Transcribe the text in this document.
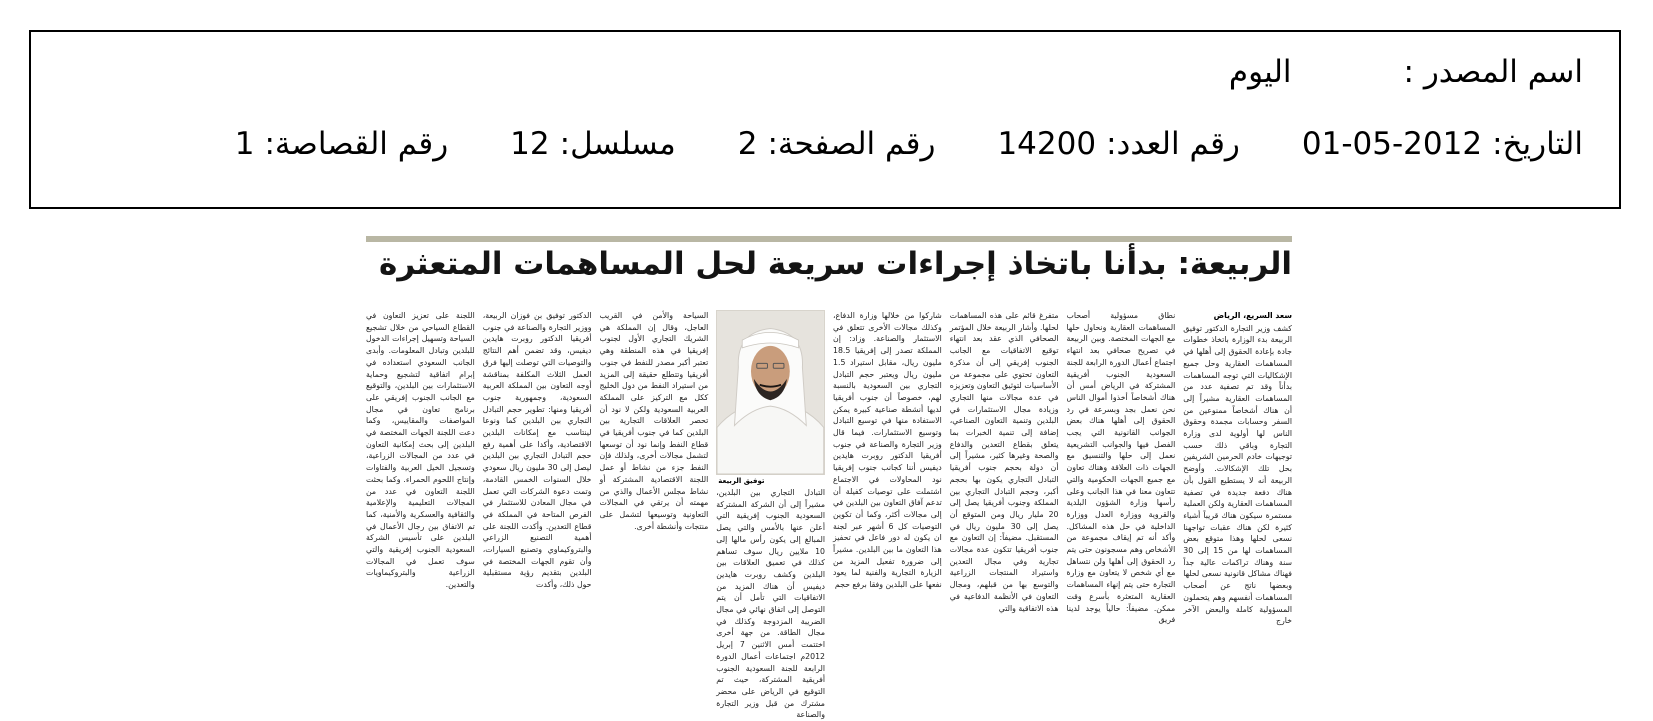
اسم المصدر :
اليوم
التاريخ:2012-05-01
رقم العدد:14200
رقم الصفحة:2
مسلسل:12
رقم القصاصة:1
الربيعة: بدأنا باتخاذ إجراءات سريعة لحل المساهمات المتعثرة
سعد السريع، الرياض
كشف وزير التجارة الدكتور توفيق الربيعة بدء الوزارة باتخاذ خطوات جادة بإعادة الحقوق إلى أهلها في المساهمات العقارية وحل جميع الإشكاليات التي توجه المساهمات بدأناً وقد تم تصفية عدد من المساهمات العقارية مشيراً إلى أن هناك أشخاصاً ممنوعين من السفر وحسابات مجمدة وحقوق الناس لها أولوية لدى وزارة التجارة وباقي ذلك حسب توجيهات خادم الحرمين الشريفين بحل تلك الإشكالات. وأوضح الربيعة أنه لا يستطيع القول بأن هناك دفعة جديدة في تصفية المساهمات العقارية ولكن العملية مستمرة سيكون هناك قريباً أشياء كثيرة لكن هناك عقبات تواجهنا نسعى لحلها وهذا متوقع بعض المساهمات لها من 15 إلى 30 سنة وهناك تراكمات عالية جداً فهناك مشاكل قانونية نسعى لحلها وبعضها ناتج عن أصحاب المساهمات أنفسهم وهم يتحملون المسؤولية كاملة والبعض الآخر خارج
نطاق مسؤولية أصحاب المساهمات العقارية ونحاول حلها مع الجهات المختصة. وبين الربيعة في تصريح صحافي بعد انتهاء اجتماع أعمال الدورة الرابعة للجنة السعودية الجنوب أفريقية المشتركة في الرياض أمس أن هناك أشخاصاً أخذوا أموال الناس نحن نعمل بجد وبسرعة في رد الحقوق إلى أهلها هناك بعض الجوانب القانونية التي يجب الفصل فيها والجوانب التشريعية نعمل إلى حلها والتنسيق مع الجهات ذات العلاقة وهناك تعاون مع جميع الجهات الحكومية والتي تتعاون معنا في هذا الجانب وعلى رأسها وزارة الشؤون البلدية والقروية ووزارة العدل ووزارة الداخلية في حل هذه المشاكل. وأكد أنه تم إيقاف مجموعة من الأشخاص وهم مسجونون حتى يتم رد الحقوق إلى أهلها ولن نتساهل مع أي شخص لا يتعاون مع وزارة التجارة حتى يتم إنهاء المساهمات العقارية المتعثرة بأسرع وقت ممكن. مضيفاً: حالياً يوجد لدينا فريق
متفرغ قائم على هذه المساهمات لحلها. وأشار الربيعة خلال المؤتمر الصحافي الذي عقد بعد انتهاء توقيع الاتفاقيات مع الجانب الجنوب إفريقي إلى أن مذكرة التعاون تحتوي على مجموعة من الأساسيات لتوثيق التعاون وتعزيزه في عدة مجالات منها التجاري وزيادة مجال الاستثمارات في البلدين وتنمية التعاون الصناعي، إضافة إلى تنمية الخبرات بما يتعلق بقطاع التعدين والدفاع والصحة وغيرها كثير، مشيراً إلى أن دولة بحجم جنوب أفريقيا التبادل التجاري يكون بها بحجم أكبر، وحجم التبادل التجاري بين المملكة وجنوب أفريقيا يصل إلى 20 مليار ريال ومن المتوقع أن يصل إلى 30 مليون ريال في المستقبل. مضيفاً: إن التعاون مع جنوب أفريقيا تتكون عدة مجالات تجارية وفي مجال التعدين واستيراد المنتجات الزراعية والتوسع بها من قبلهم، ومجال التعاون في الأنظمة الدفاعية في هذه الاتفاقية والتي
شاركوا من خلالها وزارة الدفاع، وكذلك مجالات الأخرى تتعلق في الاستثمار والصناعة. وزاد: إن المملكة تصدر إلى إفريقيا 18.5 مليون ريال، مقابل استيراد 1.5 مليون ريال ويعتبر حجم التبادل التجاري بين السعودية بالنسبة لهم، خصوصاً أن جنوب أفريقيا لديها أنشطة صناعية كبيرة يمكن الاستفادة منها في توسيع التبادل وتوسيع الاستثمارات. فيما قال وزير التجارة والصناعة في جنوب أفريقيا الدكتور روبرت هايدين ديفيس أننا كجانب جنوب إفريقيا نود المحاولات في الاجتماع اشتملت على توصيات كفيلة أن تدعم آفاق التعاون بين البلدين في إلى مجالات أكثر، وكما أن تكوين التوصيات كل 6 أشهر عبر لجنة ان يكون له دور فاعل في تحفيز هذا التعاون ما بين البلدين. مشيراً إلى ضرورة تفعيل المزيد من الزيارة التجارية والفنية لما يعود نفعها على البلدين وفقا برفع حجم
توفيق الربيعة
التبادل التجاري بين البلدين، مشيراً إلى أن الشركة المشتركة السعودية الجنوب إفريقية التي أعلن عنها بالأمس والتي يصل المبالغ إلى يكون رأس مالها إلى 10 ملايين ريال سوف تساهم كذلك في تعميق العلاقات بين البلدين وكشف روبرت هايدين ديفيس أن هناك المزيد من الاتفاقيات التي تأمل أن يتم التوصل إلى اتفاق نهائي في مجال الضريبة المزدوجة وكذلك في مجال الطاقة. من جهة أخرى اختتمت أمس الاثنين 7 إبريل 2012م اجتماعات أعمال الدورة الرابعة للجنة السعودية الجنوب أفريقية المشتركة، حيث تم التوقيع في الرياض على محضر مشترك من قبل وزير التجارة والصناعة
السياحة والأمن في القريب العاجل، وقال إن المملكة هي الشريك التجاري الأول لجنوب إفريقيا في هذه المنطقة وهي تعتبر أكبر مصدر للنفط في جنوب أفريقيا وتتطلع حقيقة إلى المزيد من استيراد النفط من دول الخليج ككل مع التركيز على المملكة العربية السعودية ولكن لا نود أن تحصر العلاقات التجارية بين البلدين كما في جنوب أفريقيا في قطاع النفط وإنما نود أن توسعها لتشمل مجالات أخرى، ولذلك فإن النفط جزء من نشاط أو عمل اللجنة الاقتصادية المشتركة أو نشاط مجلس الأعمال والذي من مهمته أن يرتقي في المجالات التعاونية وتوسيعها لتشمل على منتجات وأنشطة أخرى.
الدكتور توفيق بن فوزان الربيعة، ووزير التجارة والصناعة في جنوب أفريقيا الدكتور روبرت هايدين ديفيس، وقد تضمن أهم النتائج والتوصيات التي توصلت إليها فرق العمل الثلاث المكلفة بمناقشة أوجه التعاون بين المملكة العربية السعودية، وجمهورية جنوب أفريقيا ومنها: تطوير حجم التبادل التجاري بين البلدين كما ونوعا لينتاسب مع إمكانات البلدين الاقتصادية، وأكدا على أهمية رفع حجم التبادل التجاري بين البلدين ليصل إلى 30 مليون ريال سعودي خلال السنوات الخمس القادمة، وتمت دعوة الشركات التي تعمل في مجال المعادن للاستثمار في الفرص المتاحة في المملكة في قطاع التعدين. وأكدت اللجنة على أهمية التصنيع الزراعي والبتروكيماوي وتصنيع السيارات، وأن تقوم الجهات المختصة في البلدين بتقديم رؤية مستقبلية حول ذلك، وأكدت
اللجنة على تعزيز التعاون في القطاع السياحي من خلال تشجيع السياحة وتسهيل إجراءات الدخول للبلدين وتبادل المعلومات. وأبدى الجانب السعودي استعداده في إبرام اتفاقية لتشجيع وحماية الاستثمارات بين البلدين، والتوقيع مع الجانب الجنوب إفريقي على برنامج تعاون في مجال المواصفات والمقاييس، وكما دعت اللجنة الجهات المختصة في البلدين إلى بحث إمكانية التعاون في عدد من المجالات الزراعية، وتسجيل الخيل العربية والفتاوات وإنتاج اللحوم الحمراء. وكما بحثت اللجنة التعاون في عدد من المجالات التعليمية والإعلامية والثقافية والعسكرية والأمنية، كما تم الاتفاق بين رجال الأعمال في البلدين على تأسيس الشركة السعودية الجنوب إفريقية والتي سوف تعمل في المجالات الزراعية والبتروكيماويات والتعدين.
